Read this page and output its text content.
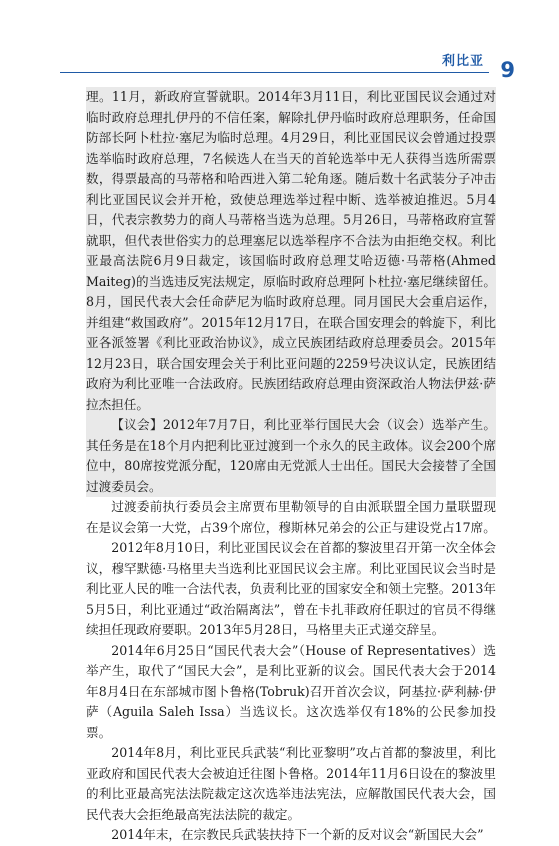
利比亚 9

理。11月，新政府宣誓就职。2014年3月11日，利比亚国民议会通过对临时政府总理扎伊丹的不信任案，解除扎伊丹临时政府总理职务，任命国防部长阿卜杜拉·塞尼为临时总理。4月29日，利比亚国民议会曾通过投票选举临时政府总理，7名候选人在当天的首轮选举中无人获得当选所需票数，得票最高的马蒂格和哈西进入第二轮角逐。随后数十名武装分子冲击利比亚国民议会并开枪，致使总理选举过程中断、选举被迫推迟。5月4日，代表宗教势力的商人马蒂格当选为总理。5月26日，马蒂格政府宣誓就职，但代表世俗实力的总理塞尼以选举程序不合法为由拒绝交权。利比亚最高法院6月9日裁定，该国临时政府总理艾哈迈德·马蒂格(Ahmed Maiteg)的当选违反宪法规定，原临时政府总理阿卜杜拉·塞尼继续留任。8月，国民代表大会任命萨尼为临时政府总理。同月国民大会重启运作，并组建“救国政府”。2015年12月17日，在联合国安理会的斡旋下，利比亚各派签署《利比亚政治协议》，成立民族团结政府总理委员会。2015年12月23日，联合国安理会关于利比亚问题的2259号决议认定，民族团结政府为利比亚唯一合法政府。民族团结政府总理由资深政治人物法伊兹·萨拉杰担任。

【议会】2012年7月7日，利比亚举行国民大会（议会）选举产生。其任务是在18个月内把利比亚过渡到一个永久的民主政体。议会200个席位中，80席按党派分配，120席由无党派人士出任。国民大会接替了全国过渡委员会。

过渡委前执行委员会主席贾布里勒领导的自由派联盟全国力量联盟现在是议会第一大党，占39个席位，穆斯林兄弟会的公正与建设党占17席。

2012年8月10日，利比亚国民议会在首都的黎波里召开第一次全体会议，穆罕默德·马格里夫当选利比亚国民议会主席。利比亚国民议会当时是利比亚人民的唯一合法代表，负责利比亚的国家安全和领土完整。2013年5月5日，利比亚通过“政治隔离法”，曾在卡扎菲政府任职过的官员不得继续担任现政府要职。2013年5月28日，马格里夫正式递交辞呈。

2014年6月25日“国民代表大会”（House of Representatives）选举产生，取代了“国民大会”，是利比亚新的议会。国民代表大会于2014年8月4日在东部城市图卜鲁格(Tobruk)召开首次会议，阿基拉·萨利赫·伊萨（Aguila Saleh Issa）当选议长。这次选举仅有18%的公民参加投票。

2014年8月，利比亚民兵武装“利比亚黎明”攻占首都的黎波里，利比亚政府和国民代表大会被迫迁往图卜鲁格。2014年11月6日设在的黎波里的利比亚最高宪法法院裁定这次选举违法宪法，应解散国民代表大会，国民代表大会拒绝最高宪法法院的裁定。

2014年末，在宗教民兵武装扶持下一个新的反对议会“新国民大会”
